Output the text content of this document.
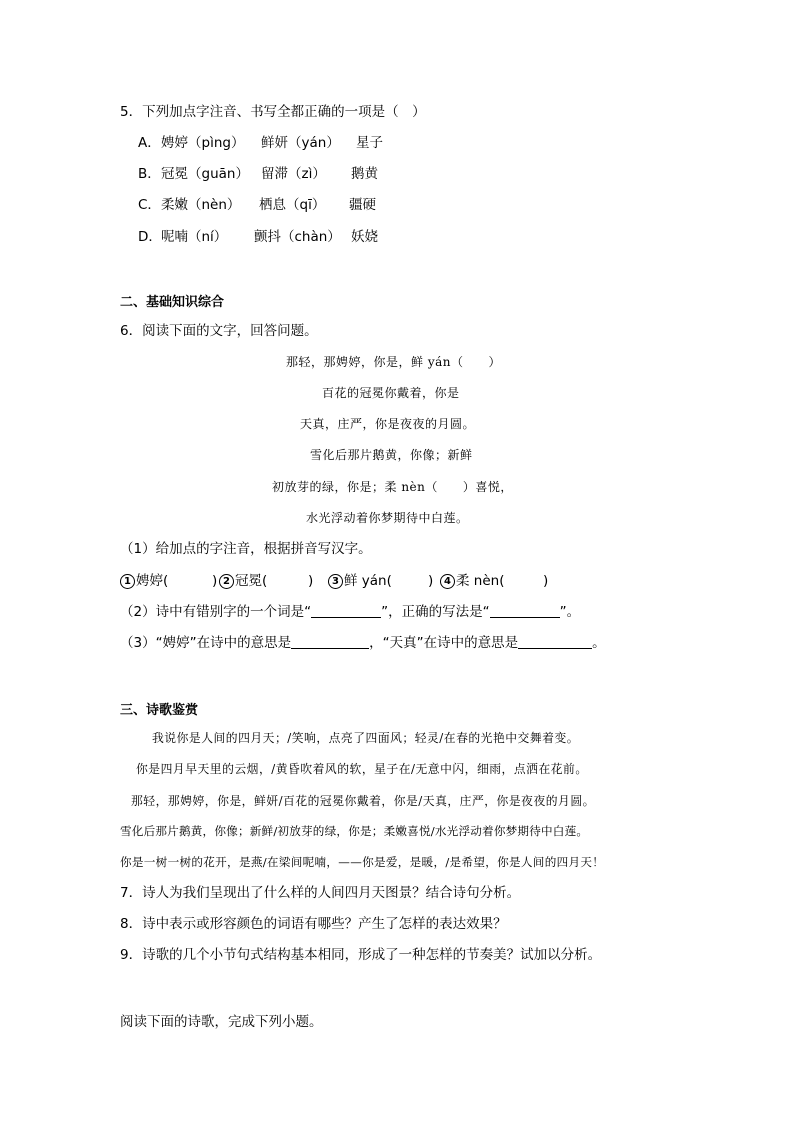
5．下列加点字注音、书写全都正确的一项是（　）
A． 娉婷（pìng） 鲜妍（yán） 星子
B． 冠冕（guān） 留滞（zì） 鹅黄
C． 柔嫩（nèn） 栖息（qī） 疆硬
D． 呢喃（ní） 颤抖（chàn） 妖娆
二、基础知识综合
6．阅读下面的文字，回答问题。
那轻，那娉婷，你是，鲜 yán（　　）
百花的冠冕你戴着，你是
天真，庄严，你是夜夜的月圆。
雪化后那片鹅黄，你像；新鲜
初放芽的绿，你是；柔 nèn（　　）喜悦，
水光浮动着你梦期待中白莲。
（1）给加点的字注音，根据拼音写汉字。
1 娉婷(	) 2 冠冕(	)	3 鲜 yán(	)	4 柔 nèn(	)
（2）诗中有错别字的一个词是“	”，正确的写法是“	”。
（3）“娉婷”在诗中的意思是	，“天真”在诗中的意思是	。
三、诗歌鉴赏
我说你是人间的四月天；/笑响，点亮了四面风；轻灵/在春的光艳中交舞着变。
你是四月早天里的云烟，/黄昏吹着风的软，星子在/无意中闪，细雨，点洒在花前。
那轻，那娉婷，你是，鲜妍/百花的冠冕你戴着，你是/天真，庄严，你是夜夜的月圆。
雪化后那片鹅黄，你像；新鲜/初放芽的绿，你是；柔嫩喜悦/水光浮动着你梦期待中白莲。
你是一树一树的花开，是燕/在梁间呢喃，——你是爱，是暖，/是希望，你是人间的四月天！
7．诗人为我们呈现出了什么样的人间四月天图景？结合诗句分析。
8．诗中表示或形容颜色的词语有哪些？产生了怎样的表达效果？
9．诗歌的几个小节句式结构基本相同，形成了一种怎样的节奏美？试加以分析。
阅读下面的诗歌，完成下列小题。
